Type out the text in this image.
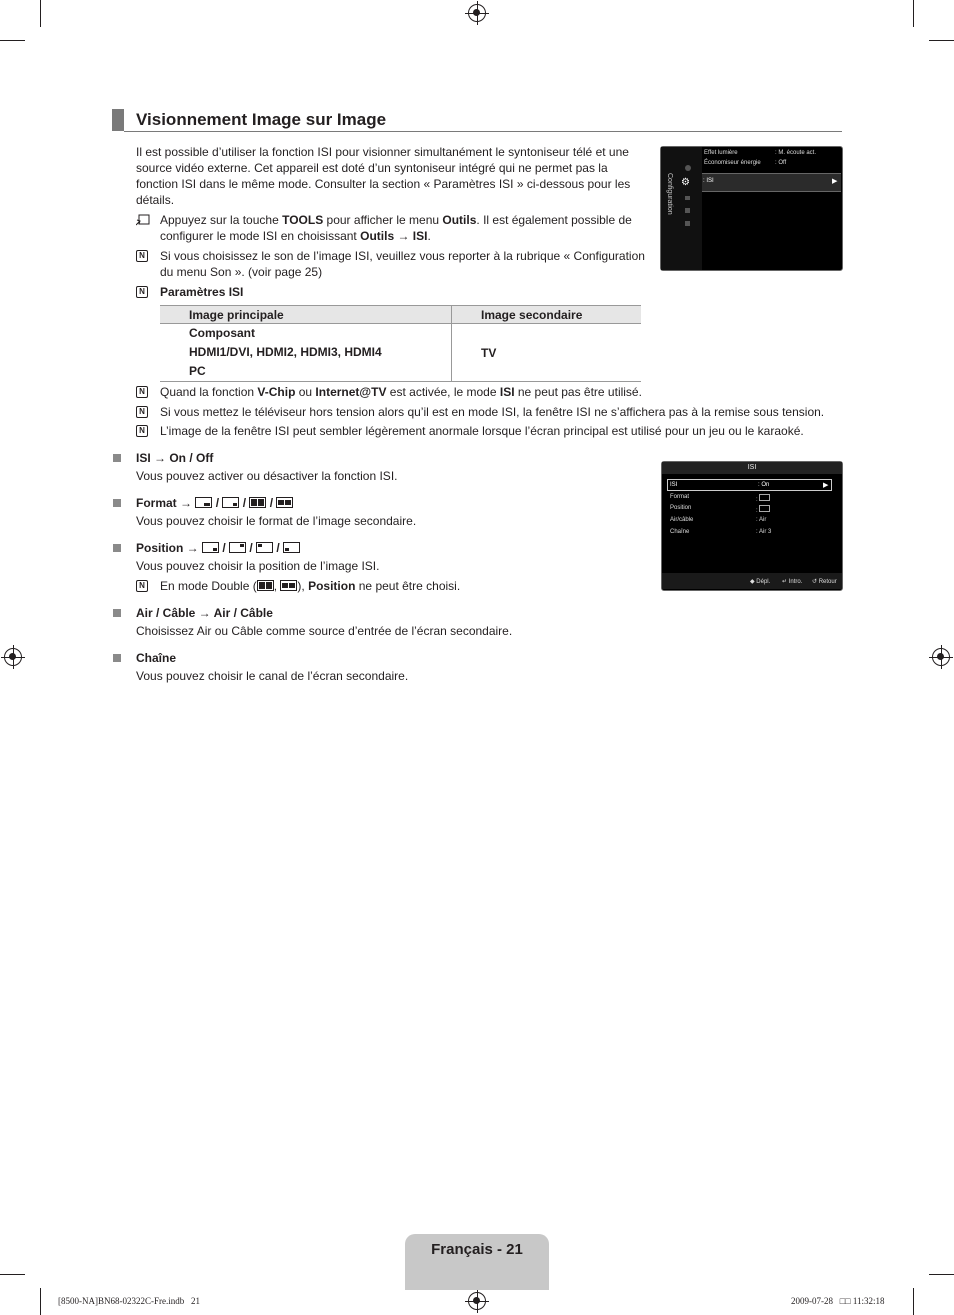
Visionnement Image sur Image
Il est possible d’utiliser la fonction ISI pour visionner simultanément le syntoniseur télé et une source vidéo externe. Cet appareil est doté d’un syntoniseur intégré qui ne permet pas la fonction ISI dans le même mode. Consulter la section « Paramètres ISI » ci-dessous pour les détails.
Appuyez sur la touche TOOLS pour afficher le menu Outils. Il est également possible de configurer le mode ISI en choisissant Outils → ISI.
N Si vous choisissez le son de l’image ISI, veuillez vous reporter à la rubrique « Configuration du menu Son ». (voir page 25)
N Paramètres ISI
Image principale	Image secondaire

Composant
HDMI1/DVI, HDMI2, HDMI3, HDMI4
PC	TV
N Quand la fonction V-Chip ou Internet@TV est activée, le mode ISI ne peut pas être utilisé.
N Si vous mettez le téléviseur hors tension alors qu’il est en mode ISI, la fenêtre ISI ne s’affichera pas à la remise sous tension.
N L’image de la fenêtre ISI peut sembler légèrement anormale lorsque l’écran principal est utilisé pour un jeu ou le karaoké.
ISI → On / Off
Vous pouvez activer ou désactiver la fonction ISI.
Format → / / /
Vous pouvez choisir le format de l’image secondaire.
Position → / / /
Vous pouvez choisir la position de l’image ISI.
N En mode Double ( ,
), Position ne peut être choisi.
Air / Câble → Air / Câble
Choisissez Air ou Câble comme source d’entrée de l’écran secondaire.
Chaîne
Vous pouvez choisir le canal de l’écran secondaire.
Configuration ⚙
Effet lumière	: M. écoute act.
Économiseur énergie	: Off
: ISI	▶
ISI
ISI	: On	▶
Format	:
Position	:
Air/câble	: Air
Chaîne	: Air 3
◆ Dépl. ↵ Intro. ↺ Retour
Français - 21
[8500-NA]BN68-02322C-Fre.indb   21	2009-07-28   □□ 11:32:18
